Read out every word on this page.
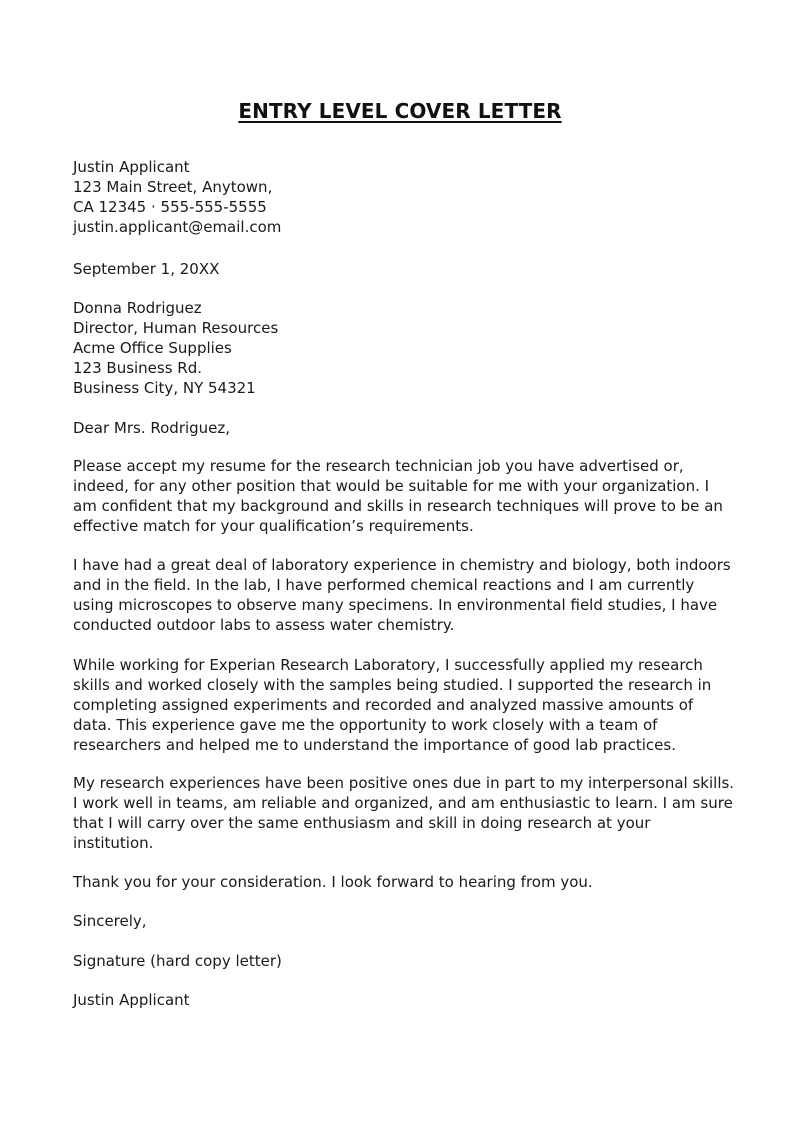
ENTRY LEVEL COVER LETTER
Justin Applicant
123 Main Street, Anytown,
CA 12345 · 555-555-5555
justin.applicant@email.com
September 1, 20XX
Donna Rodriguez
Director, Human Resources
Acme Office Supplies
123 Business Rd.
Business City, NY 54321
Dear Mrs. Rodriguez,
Please accept my resume for the research technician job you have advertised or, indeed, for any other position that would be suitable for me with your organization. I am confident that my background and skills in research techniques will prove to be an effective match for your qualification’s requirements.
I have had a great deal of laboratory experience in chemistry and biology, both indoors and in the field. In the lab, I have performed chemical reactions and I am currently using microscopes to observe many specimens. In environmental field studies, I have conducted outdoor labs to assess water chemistry.
While working for Experian Research Laboratory, I successfully applied my research skills and worked closely with the samples being studied. I supported the research in completing assigned experiments and recorded and analyzed massive amounts of data. This experience gave me the opportunity to work closely with a team of researchers and helped me to understand the importance of good lab practices.
My research experiences have been positive ones due in part to my interpersonal skills. I work well in teams, am reliable and organized, and am enthusiastic to learn. I am sure that I will carry over the same enthusiasm and skill in doing research at your institution.
Thank you for your consideration. I look forward to hearing from you.
Sincerely,
Signature (hard copy letter)
Justin Applicant
